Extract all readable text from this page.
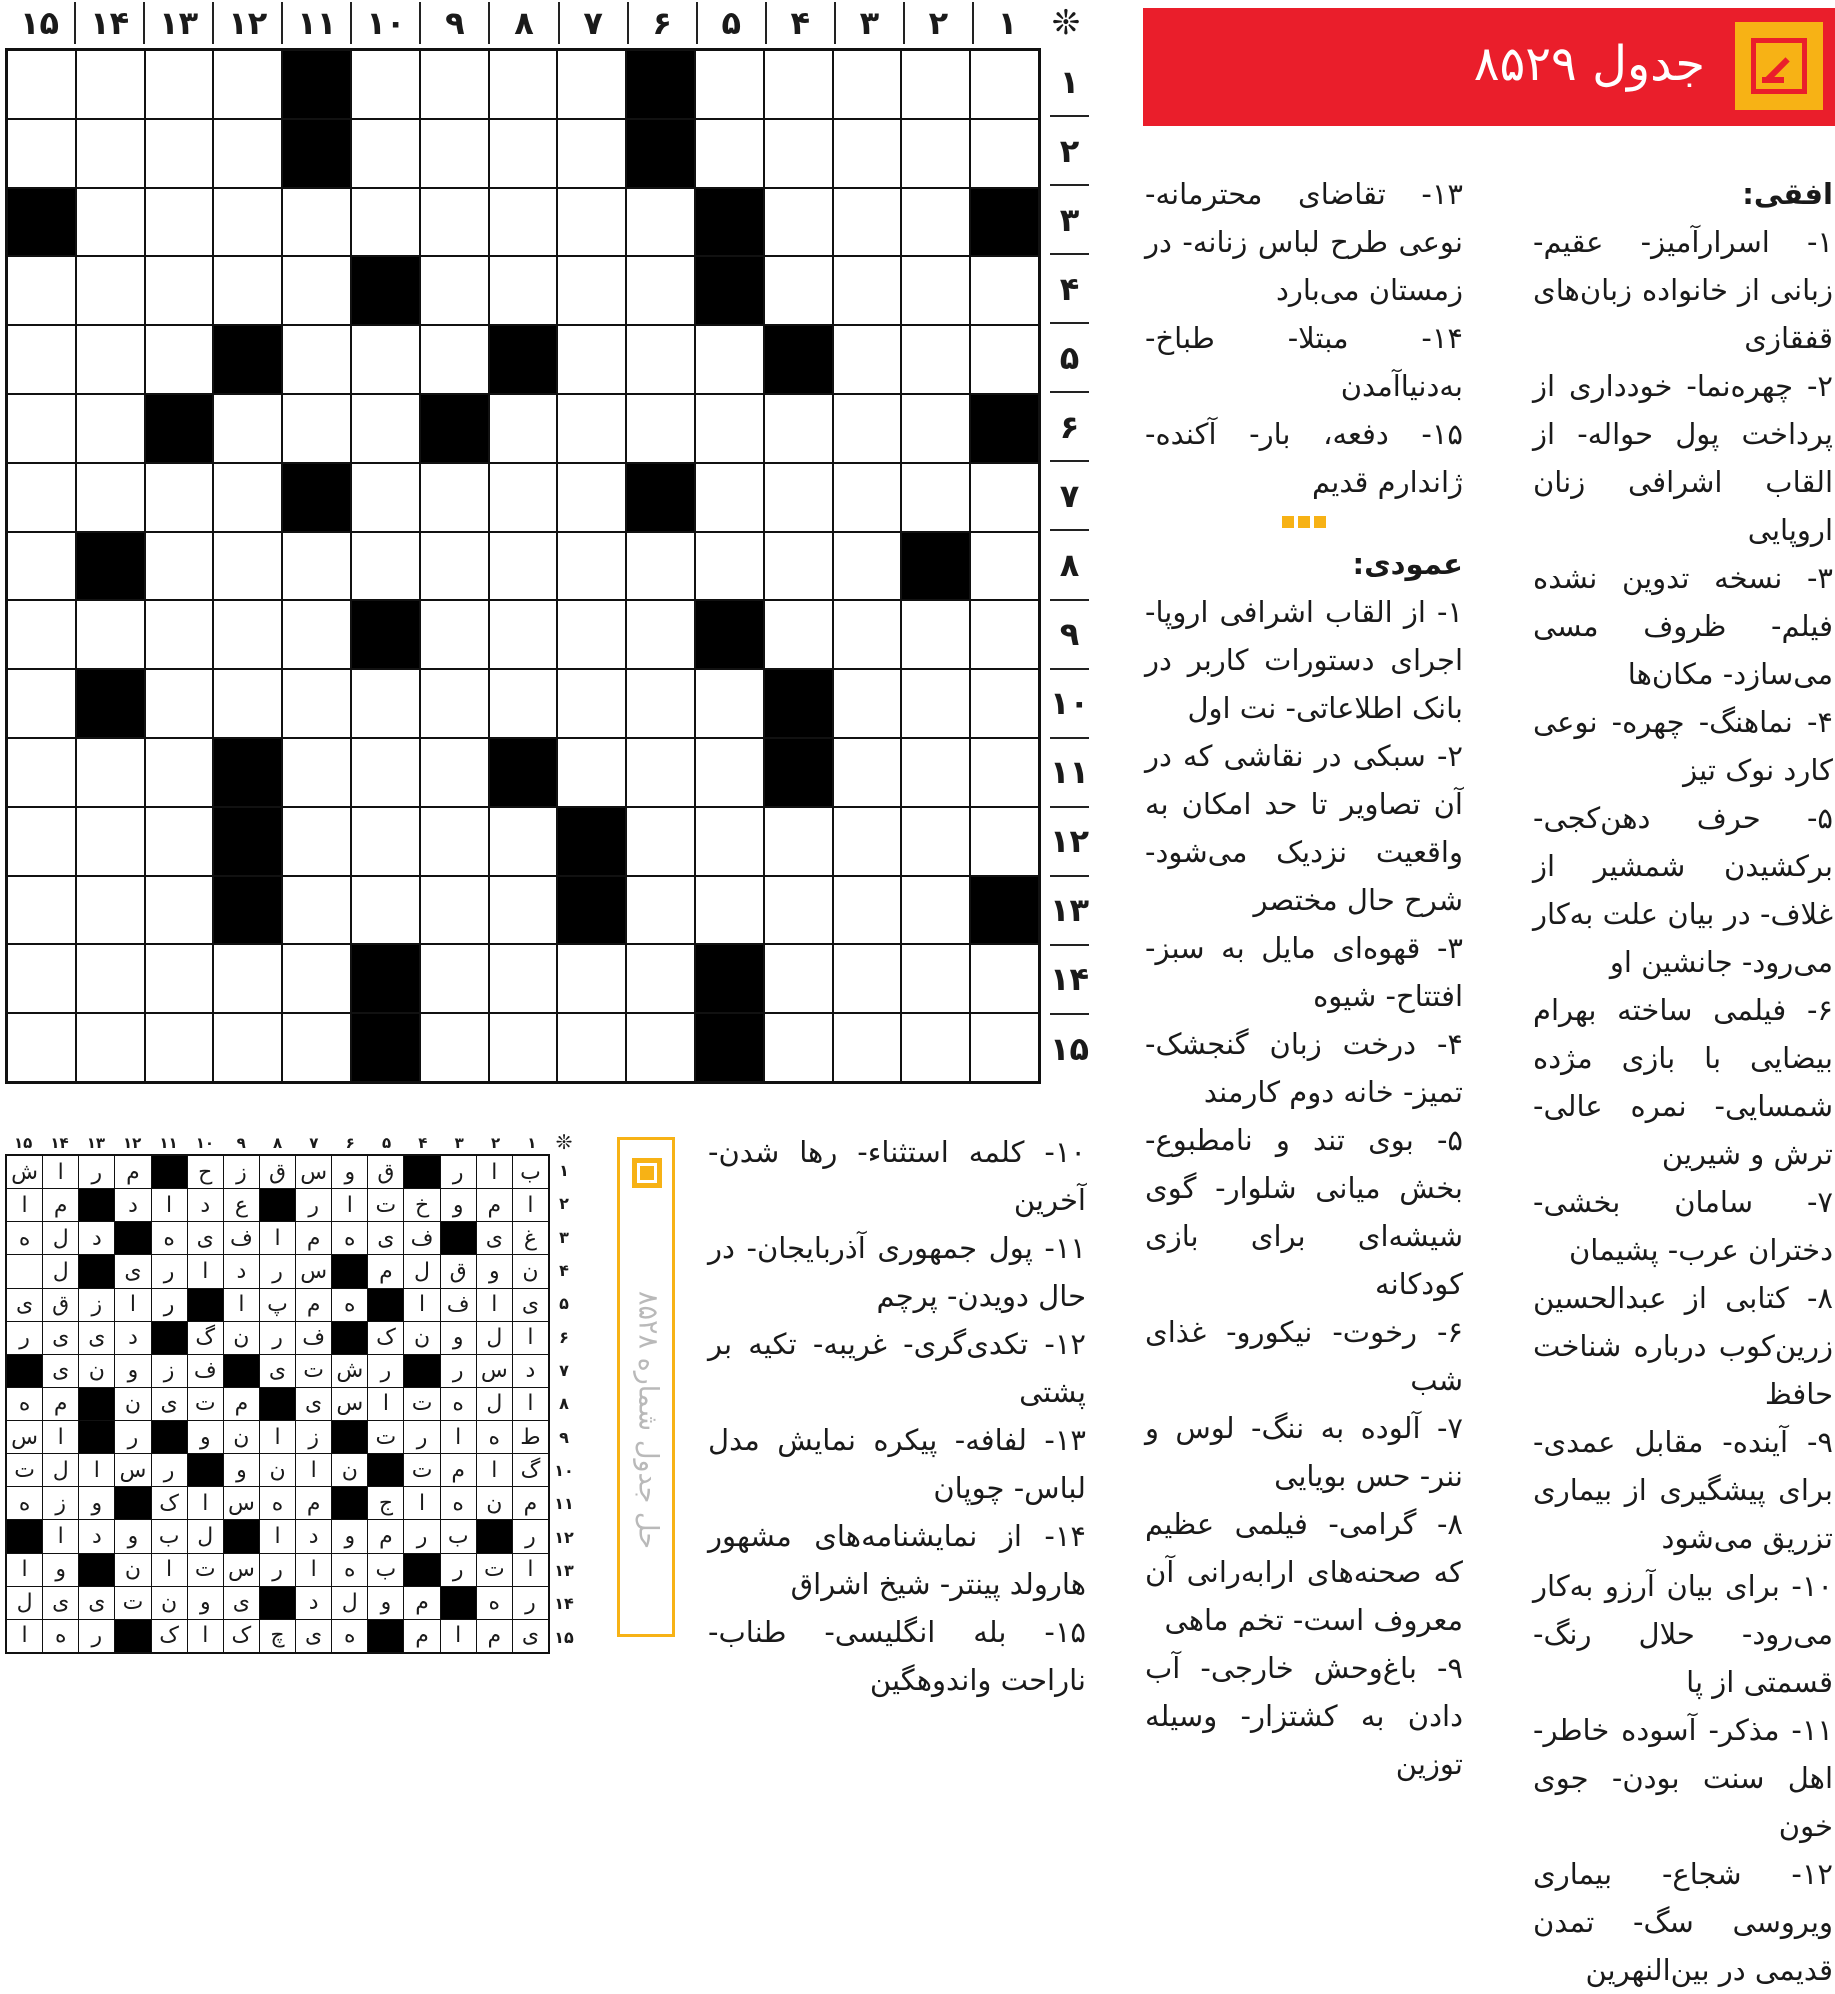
جدول ۸۵۲۹
❊
۱
۲
۳
۴
۵
۶
۷
۸
۹
۱۰
۱۱
۱۲
۱۳
۱۴
۱۵
۱
۲
۳
۴
۵
۶
۷
۸
۹
۱۰
۱۱
۱۲
۱۳
۱۴
۱۵

افقی:

۱- اسرارآمیز- عقیم- زبانی از خانواده زبان‌های قفقازی

۲- چهره‌نما- خودداری از پرداخت پول حواله- از القاب اشرافی زنان اروپایی

۳- نسخه تدوین نشده فیلم- ظروف مسی می‌سازد- مکان‌ها

۴- نماهنگ- چهره- نوعی کارد نوک تیز

۵- حرف دهن‌کجی- برکشیدن شمشیر از غلاف- در بیان علت به‌کار می‌رود- جانشین او

۶- فیلمی ساخته بهرام بیضایی با بازی مژده شمسایی- نمره عالی- ترش و شیرین

۷- سامان بخشی- دختران عرب- پشیمان

۸- کتابی از عبدالحسین زرین‌کوب درباره شناخت حافظ

۹- آینده- مقابل عمدی- برای پیشگیری از بیماری تزریق می‌شود

۱۰- برای بیان آرزو به‌کار می‌رود- حلال رنگ- قسمتی از پا

۱۱- مذکر- آسوده خاطر- اهل سنت بودن- جوی خون

۱۲- شجاع- بیماری ویروسی سگ- تمدن قدیمی در بین‌النهرین

۱۳- تقاضای محترمانه- نوعی طرح لباس زنانه- در زمستان می‌بارد

۱۴- مبتلا- طباخ- به‌دنیاآمدن

۱۵- دفعه، بار- آکنده- ژاندارم قدیم

عمودی:

۱- از القاب اشرافی اروپا- اجرای دستورات کاربر در بانک اطلاعاتی- نت اول

۲- سبکی در نقاشی که در آن تصاویر تا حد امکان به واقعیت نزدیک می‌شود- شرح حال مختصر

۳- قهوه‌ای مایل به سبز- افتتاح- شیوه

۴- درخت زبان گنجشک- تمیز- خانه دوم کارمند

۵- بوی تند و نامطبوع- بخش میانی شلوار- گوی شیشه‌ای برای بازی کودکانه

۶- رخوت- نیکورو- غذای شب

۷- آلوده به ننگ- لوس و ننر- حس بویایی

۸- گرامی- فیلمی عظیم که صحنه‌های ارابه‌رانی آن معروف است- تخم ماهی

۹- باغ‌وحش خارجی- آب دادن به کشتزار- وسیله توزین

۱۰- کلمه استثناء- رها شدن- آخرین

۱۱- پول جمهوری آذربایجان- در حال دویدن- پرچم

۱۲- تکدی‌گری- غریبه- تکیه بر پشتی

۱۳- لفافه- پیکره نمایش مدل لباس- چوپان

۱۴- از نمایشنامه‌های مشهور هارولد پینتر- شیخ اشراق

۱۵- بله انگلیسی- طناب- ناراحت واندوهگین

حل جدول شماره ۸۵۲۸
❊
۱
۲
۳
۴
۵
۶
۷
۸
۹
۱۰
۱۱
۱۲
۱۳
۱۴
۱۵
۱
۲
۳
۴
۵
۶
۷
۸
۹
۱۰
۱۱
۱۲
۱۳
۱۴
۱۵
ب
ا
ر
ق
و
س
ق
ز
ح
م
ر
ا
ش
ا
م
و
خ
ت
ا
ر
ع
د
ا
د
م
ا
غ
ی
ف
ی
ه
م
ا
ف
ی
ه
د
ل
ه
ن
و
ق
ل
م
س
ر
د
ا
ر
ی
ل
ی
ا
ف
ا
ه
م
پ
ا
ر
ا
ز
ق
ی
ا
ل
و
ن
ک
ف
ر
ن
گ
د
ی
ی
ر
د
س
ر
ر
ش
ت
ی
ف
ز
و
ن
ی
ا
ل
ه
ت
ا
س
ی
م
ت
ی
ن
م
ه
ط
ه
ا
ر
ت
ز
ا
ن
و
ر
ا
س
گ
ا
م
ت
ن
ا
ن
و
ر
س
ا
ل
ت
م
ن
ه
ا
ج
م
ه
س
ا
ک
و
ز
ه
ر
ب
ر
م
و
د
ا
ل
ب
و
د
ا
ا
ت
ر
ب
ه
ا
ر
س
ت
ا
ن
و
ا
ر
ه
م
و
ل
د
ی
و
ن
ت
ی
ی
ل
ی
م
ا
م
ه
ی
چ
ک
ا
ک
ر
ه
ا
